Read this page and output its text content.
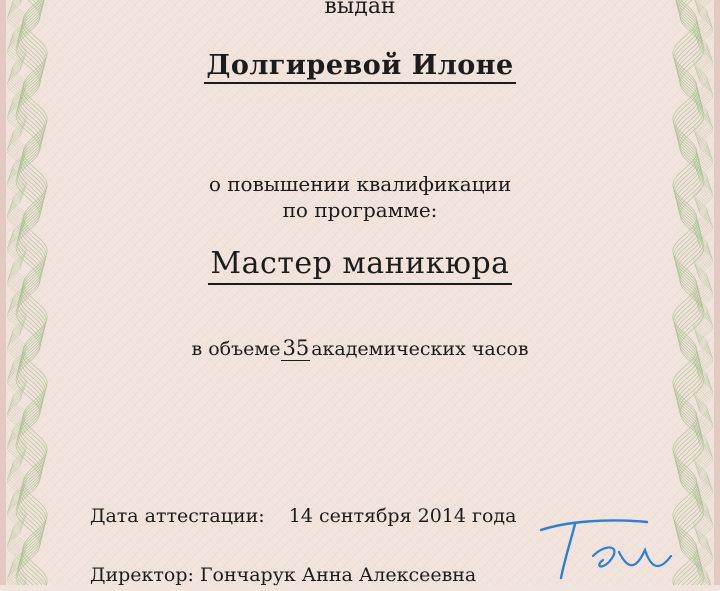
выдан
Долгиревой Илоне
о повышении квалификации
по программе:
Мастер маникюра
в объеме35 академических часов
Дата аттестации: 14 сентября 2014 года
Директор: Гончарук Анна Алексеевна
